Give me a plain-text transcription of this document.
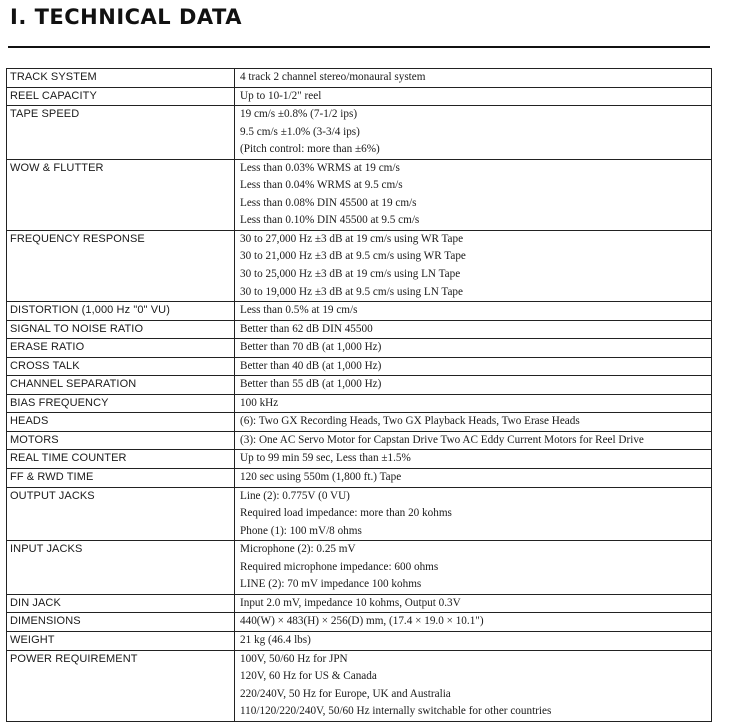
I. TECHNICAL DATA
TRACK SYSTEM	4 track 2 channel stereo/monaural system

REEL CAPACITY	Up to 10-1/2" reel

TAPE SPEED	19 cm/s ±0.8% (7-1/2 ips)
9.5 cm/s ±1.0% (3-3/4 ips)
(Pitch control: more than ±6%)

WOW & FLUTTER	Less than 0.03% WRMS at 19 cm/s
Less than 0.04% WRMS at 9.5 cm/s
Less than 0.08% DIN 45500 at 19 cm/s
Less than 0.10% DIN 45500 at 9.5 cm/s

FREQUENCY RESPONSE	30 to 27,000 Hz ±3 dB at 19 cm/s using WR Tape
30 to 21,000 Hz ±3 dB at 9.5 cm/s using WR Tape
30 to 25,000 Hz ±3 dB at 19 cm/s using LN Tape
30 to 19,000 Hz ±3 dB at 9.5 cm/s using LN Tape

DISTORTION (1,000 Hz "0" VU)	Less than 0.5% at 19 cm/s

SIGNAL TO NOISE RATIO	Better than 62 dB DIN 45500

ERASE RATIO	Better than 70 dB (at 1,000 Hz)

CROSS TALK	Better than 40 dB (at 1,000 Hz)

CHANNEL SEPARATION	Better than 55 dB (at 1,000 Hz)

BIAS FREQUENCY	100 kHz

HEADS	(6): Two GX Recording Heads, Two GX Playback Heads, Two Erase Heads

MOTORS	(3): One AC Servo Motor for Capstan Drive Two AC Eddy Current Motors for Reel Drive

REAL TIME COUNTER	Up to 99 min 59 sec, Less than ±1.5%

FF & RWD TIME	120 sec using 550m (1,800 ft.) Tape

OUTPUT JACKS	Line (2): 0.775V (0 VU)
Required load impedance: more than 20 kohms
Phone (1): 100 mV/8 ohms

INPUT JACKS	Microphone (2): 0.25 mV
Required microphone impedance: 600 ohms
LINE (2): 70 mV impedance 100 kohms

DIN JACK	Input 2.0 mV, impedance 10 kohms, Output 0.3V

DIMENSIONS	440(W) × 483(H) × 256(D) mm, (17.4 × 19.0 × 10.1")

WEIGHT	21 kg (46.4 lbs)

POWER REQUIREMENT	100V, 50/60 Hz for JPN
120V, 60 Hz for US & Canada
220/240V, 50 Hz for Europe, UK and Australia
110/120/220/240V, 50/60 Hz internally switchable for other countries
